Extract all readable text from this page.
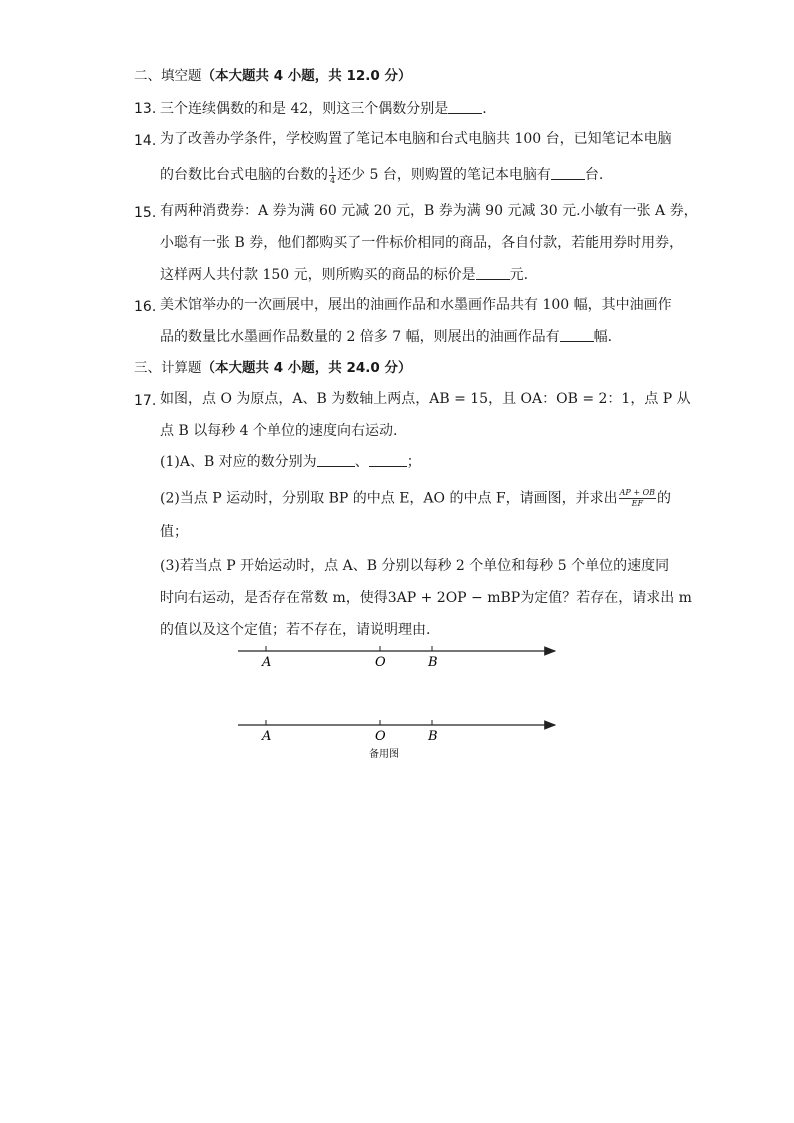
二、填空题（本大题共 4 小题，共 12.0 分）
13. 三个连续偶数的和是 42，则这三个偶数分别是 .
14. 为了改善办学条件，学校购置了笔记本电脑和台式电脑共 100 台，已知笔记本电脑
的台数比台式电脑的台数的 $\frac{1}{4}$ 还少 5 台，则购置的笔记本电脑有 台.
15. 有两种消费券：A 券为满 60 元减 20 元，B 券为满 90 元减 30 元.小敏有一张 A 券，
小聪有一张 B 券，他们都购买了一件标价相同的商品，各自付款，若能用券时用券，
这样两人共付款 150 元，则所购买的商品的标价是 元.
16. 美术馆举办的一次画展中，展出的油画作品和水墨画作品共有 100 幅，其中油画作
品的数量比水墨画作品数量的 2 倍多 7 幅，则展出的油画作品有 幅.
三、计算题（本大题共 4 小题，共 24.0 分）
17. 如图，点 O 为原点，A、B 为数轴上两点，AB = 15，且 OA：OB = 2：1，点 P 从
点 B 以每秒 4 个单位的速度向右运动.
(1)A、B 对应的数分别为	、	；
(2)当点 P 运动时，分别取 BP 的中点 E，AO 的中点 F，请画图，并求出 $\frac{AP + OB}{EF}$ 的
值；
(3)若当点 P 开始运动时，点 A、B 分别以每秒 2 个单位和每秒 5 个单位的速度同
时向右运动，是否存在常数 m，使得3AP + 2OP − mBP为定值？若存在，请求出 m
的值以及这个定值；若不存在，请说明理由.
A	O	B
A	O	B
备用图
